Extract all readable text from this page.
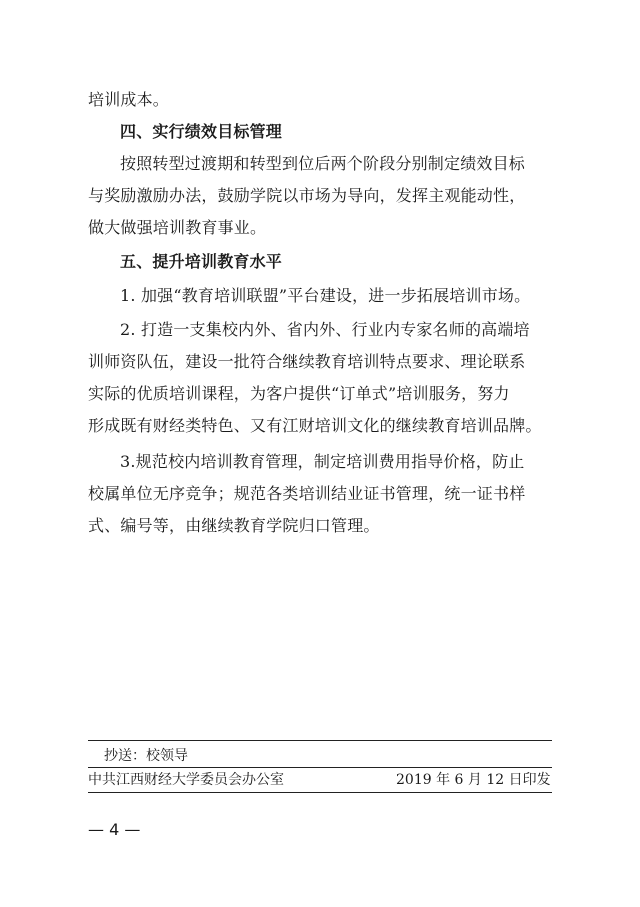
培训成本。

四、实行绩效目标管理

按照转型过渡期和转型到位后两个阶段分别制定绩效目标
与奖励激励办法，鼓励学院以市场为导向，发挥主观能动性，
做大做强培训教育事业。

五、提升培训教育水平

1. 加强“教育培训联盟”平台建设，进一步拓展培训市场。
2. 打造一支集校内外、省内外、行业内专家名师的高端培
训师资队伍，建设一批符合继续教育培训特点要求、理论联系
实际的优质培训课程，为客户提供“订单式”培训服务，努力
形成既有财经类特色、又有江财培训文化的继续教育培训品牌。
3.规范校内培训教育管理，制定培训费用指导价格，防止
校属单位无序竞争；规范各类培训结业证书管理，统一证书样
式、编号等，由继续教育学院归口管理。
抄送：校领导
中共江西财经大学委员会办公室	2019 年 6 月 12 日印发
— 4 —
